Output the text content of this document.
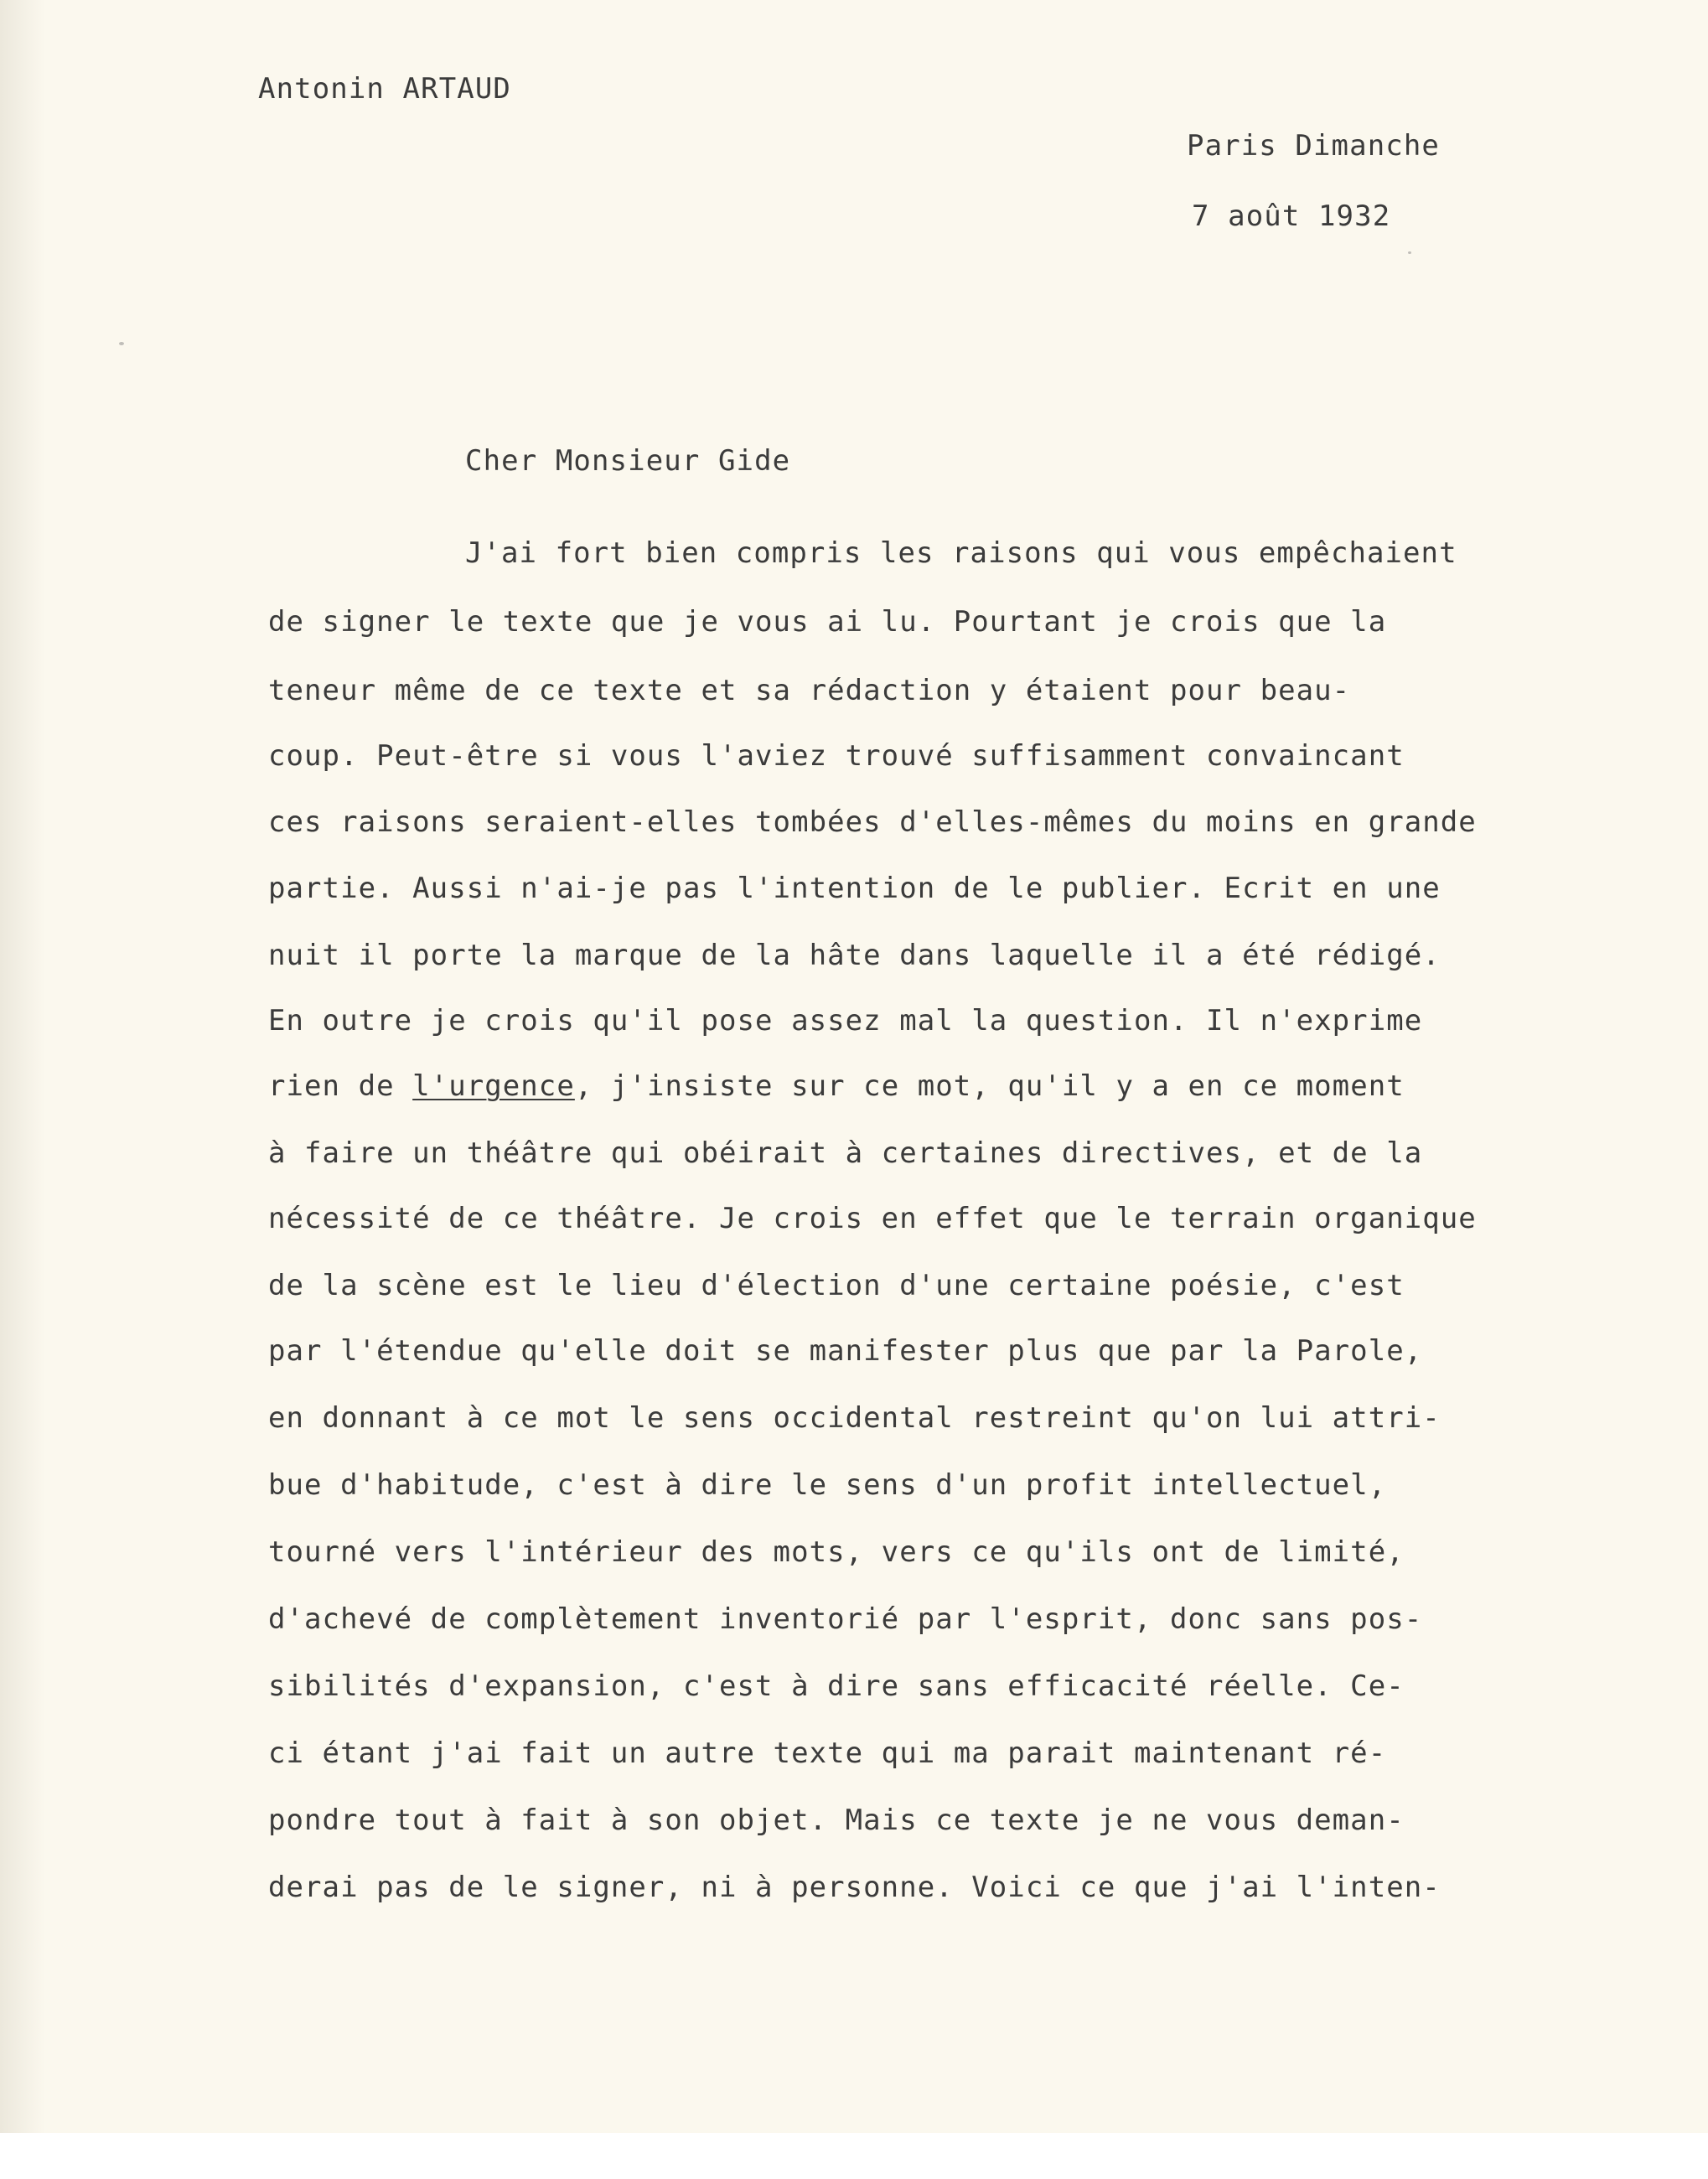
Antonin ARTAUD
Paris Dimanche
7 août 1932
Cher Monsieur Gide
J'ai fort bien compris les raisons qui vous empêchaient
de signer le texte que je vous ai lu. Pourtant je crois que la
teneur même de ce texte et sa rédaction y étaient pour beau-
coup. Peut-être si vous l'aviez trouvé suffisamment convaincant
ces raisons seraient-elles tombées d'elles-mêmes du moins en grande
partie. Aussi n'ai-je pas l'intention de le publier. Ecrit en une
nuit il porte la marque de la hâte dans laquelle il a été rédigé.
En outre je crois qu'il pose assez mal la question. Il n'exprime
rien de l'urgence, j'insiste sur ce mot, qu'il y a en ce moment
à faire un théâtre qui obéirait à certaines directives, et de la
nécessité de ce théâtre. Je crois en effet que le terrain organique
de la scène est le lieu d'élection d'une certaine poésie, c'est
par l'étendue qu'elle doit se manifester plus que par la Parole,
en donnant à ce mot le sens occidental restreint qu'on lui attri-
bue d'habitude, c'est à dire le sens d'un profit intellectuel,
tourné vers l'intérieur des mots, vers ce qu'ils ont de limité,
d'achevé de complètement inventorié par l'esprit, donc sans pos-
sibilités d'expansion, c'est à dire sans efficacité réelle. Ce-
ci étant j'ai fait un autre texte qui ma parait maintenant ré-
pondre tout à fait à son objet. Mais ce texte je ne vous deman-
derai pas de le signer, ni à personne. Voici ce que j'ai l'inten-
